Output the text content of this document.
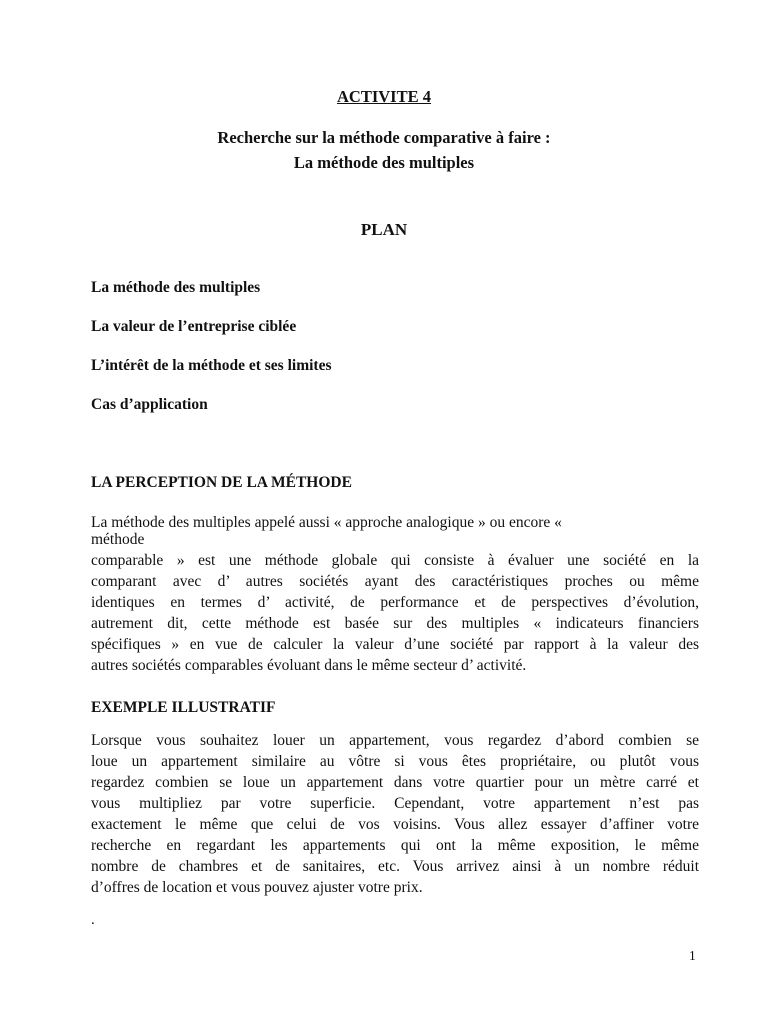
ACTIVITE 4
Recherche sur la méthode comparative à faire :
La méthode des multiples
PLAN
La méthode des multiples
La valeur de l’entreprise ciblée
L’intérêt de la méthode et ses limites
Cas d’application
LA PERCEPTION DE LA MÉTHODE
La méthode des multiples appelé aussi « approche analogique » ou encore «
méthode
comparable » est une méthode globale qui consiste à évaluer une société en la
comparant avec d’ autres sociétés ayant des caractéristiques proches ou même
identiques en termes d’ activité, de performance et de perspectives d’évolution,
autrement dit, cette méthode est basée sur des multiples « indicateurs financiers
spécifiques » en vue de calculer la valeur d’une société par rapport à la valeur des
autres sociétés comparables évoluant dans le même secteur d’ activité.
EXEMPLE ILLUSTRATIF
Lorsque vous souhaitez louer un appartement, vous regardez d’abord combien se
loue un appartement similaire au vôtre si vous êtes propriétaire, ou plutôt vous
regardez combien se loue un appartement dans votre quartier pour un mètre carré et
vous multipliez par votre superficie. Cependant, votre appartement n’est pas
exactement le même que celui de vos voisins. Vous allez essayer d’affiner votre
recherche en regardant les appartements qui ont la même exposition, le même
nombre de chambres et de sanitaires, etc. Vous arrivez ainsi à un nombre réduit
d’offres de location et vous pouvez ajuster votre prix.
.
1
